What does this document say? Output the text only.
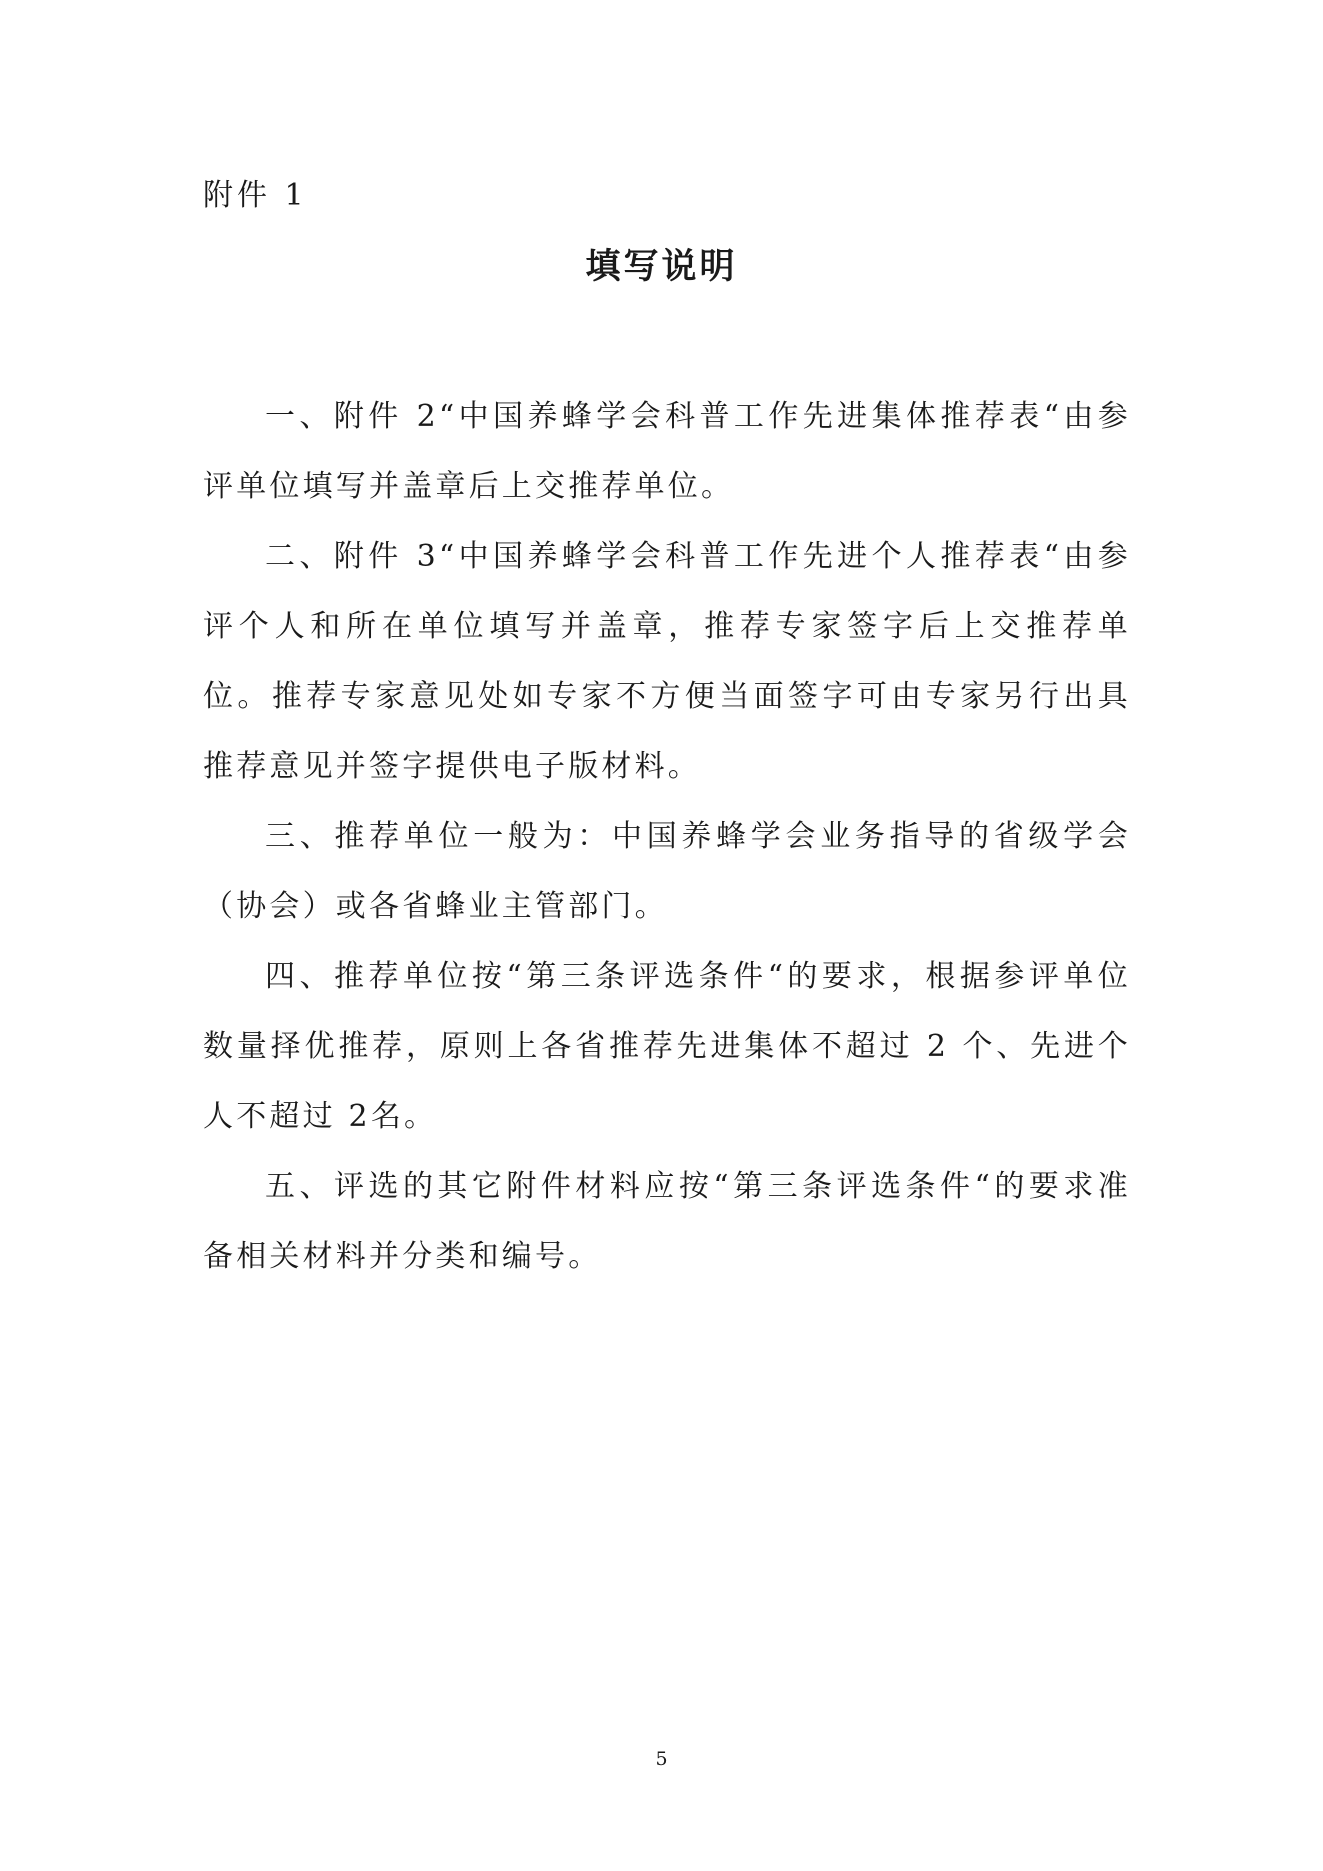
附件 1
填写说明

一、附件 2“中国养蜂学会科普工作先进集体推荐表“由参评单位填写并盖章后上交推荐单位。

二、附件 3“中国养蜂学会科普工作先进个人推荐表“由参评个人和所在单位填写并盖章，推荐专家签字后上交推荐单位。推荐专家意见处如专家不方便当面签字可由专家另行出具推荐意见并签字提供电子版材料。

三、推荐单位一般为：中国养蜂学会业务指导的省级学会（协会）或各省蜂业主管部门。

四、推荐单位按“第三条评选条件“的要求，根据参评单位数量择优推荐，原则上各省推荐先进集体不超过 2 个、先进个人不超过 2名。

五、评选的其它附件材料应按“第三条评选条件“的要求准备相关材料并分类和编号。

5
